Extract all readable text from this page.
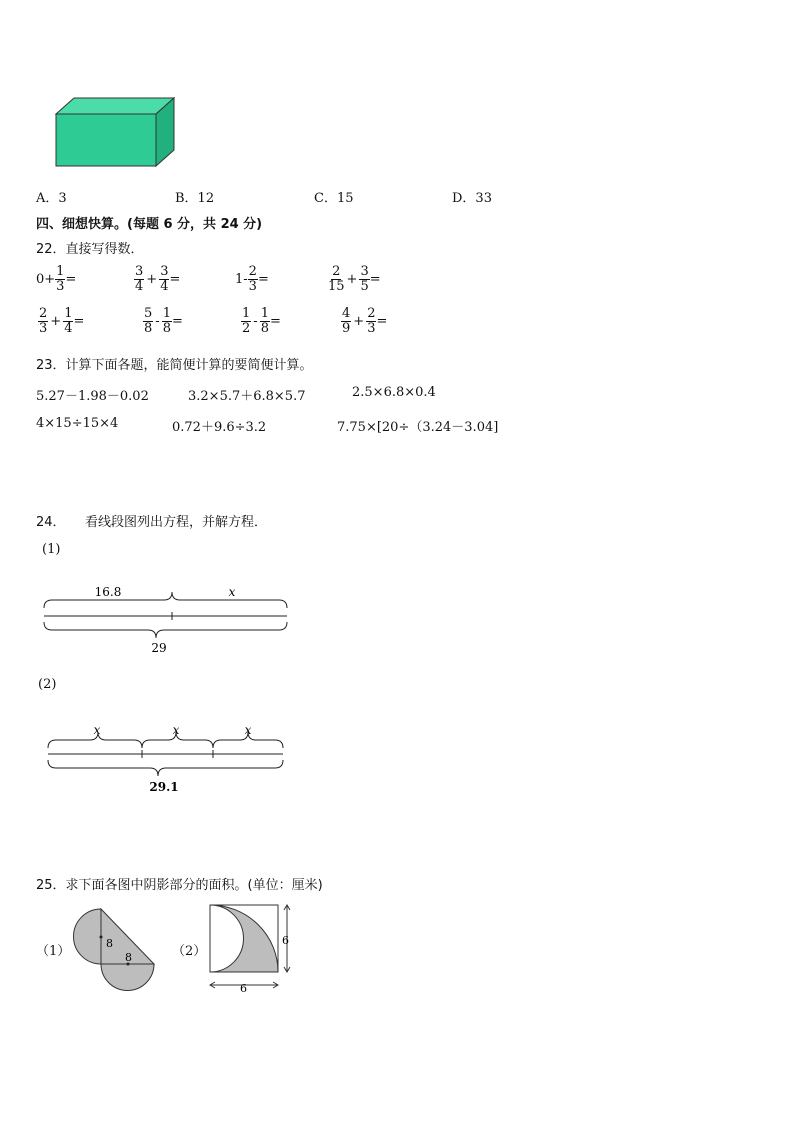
A．3	B．12	C．15	D．33
四、细想快算。(每题 6 分，共 24 分)
22．直接写得数．
$0+ \frac{1}{3}$ =	$\frac{3}{4} + \frac{3}{4}$ =	$1- \frac{2}{3}$ =	$\frac{2}{15} + \frac{3}{5}$ =
$\frac{2}{3} + \frac{1}{4}$ =	$\frac{5}{8} - \frac{1}{8}$ =	$\frac{1}{2} - \frac{1}{8}$ =	$\frac{4}{9} + \frac{2}{3}$ =
23．计算下面各题，能简便计算的要简便计算。
5.27－1.98－0.02	3.2×5.7＋6.8×5.7	2.5×6.8×0.4
4×15÷15×4	0.72＋9.6÷3.2	7.75×[20÷（3.24－3.04]
24．　　看线段图列出方程，并解方程．
(1)
16.8	x
29
(2)
x	x	x
29.1
25．求下面各图中阴影部分的面积。(单位：厘米)
（1）
8
8	（2）
6
6
